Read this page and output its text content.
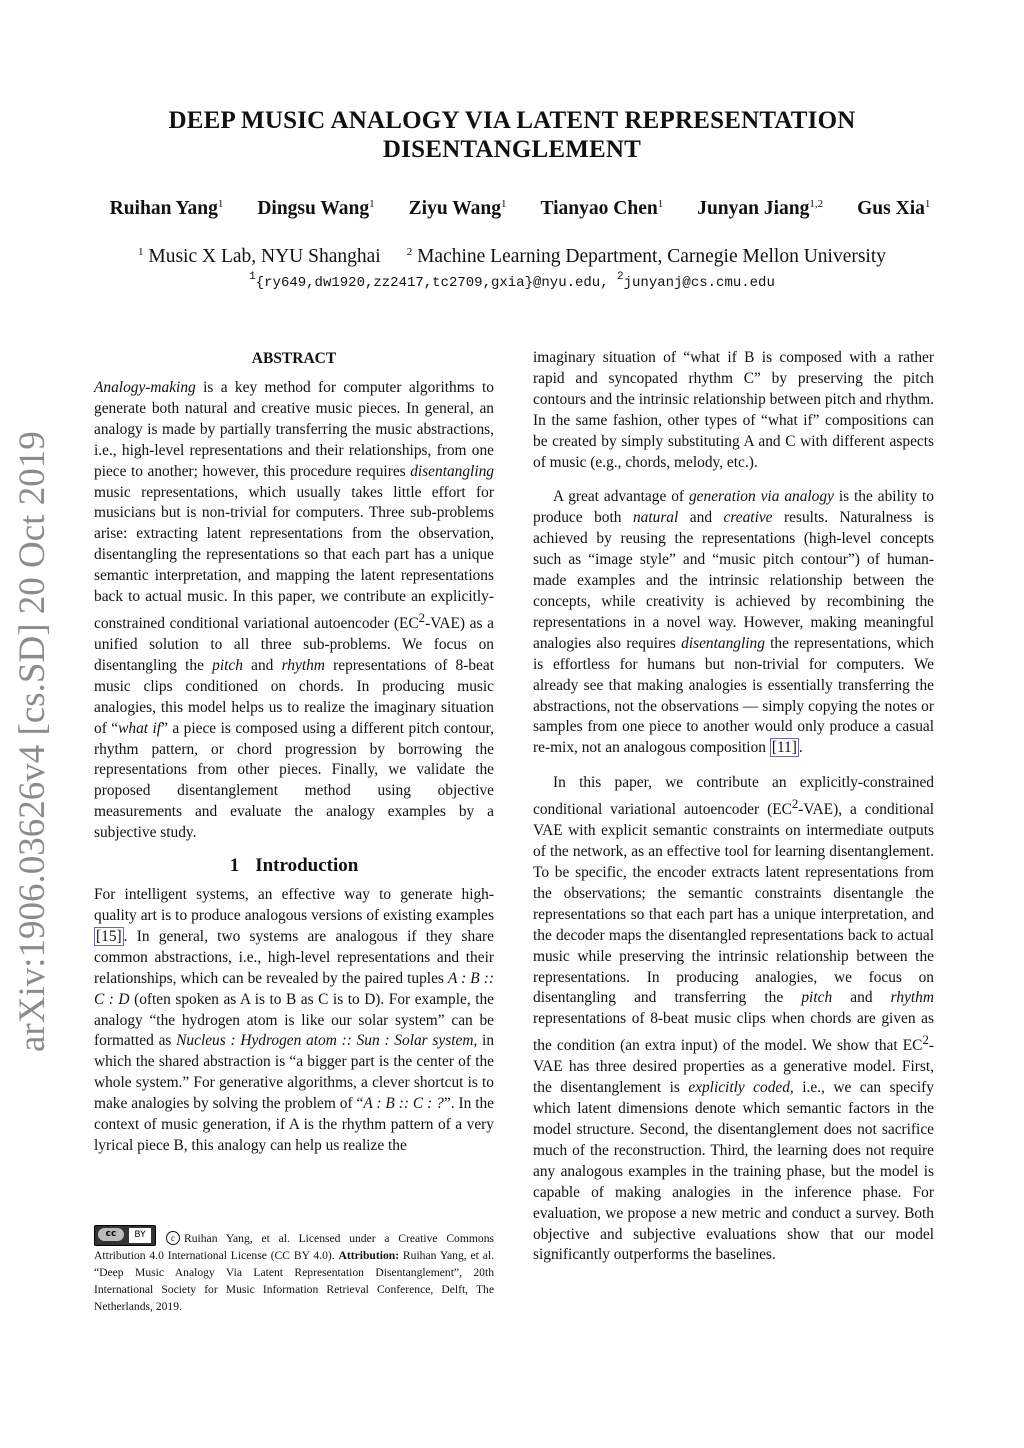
DEEP MUSIC ANALOGY VIA LATENT REPRESENTATION
DISENTANGLEMENT
Ruihan Yang$^1$ Dingsu Wang$^1$ Ziyu Wang$^1$ Tianyao Chen$^1$ Junyan Jiang$^{1,2}$ Gus Xia$^1$
$^1$ Music X Lab, NYU Shanghai $^2$ Machine Learning Department, Carnegie Mellon University
$^1${ry649,dw1920,zz2417,tc2709,gxia}@nyu.edu, $^2$junyanj@cs.cmu.edu
arXiv:1906.03626v4 [cs.SD] 20 Oct 2019
ABSTRACT

Analogy-making is a key method for computer algorithms to generate both natural and creative music pieces. In general, an analogy is made by partially transferring the music abstractions, i.e., high-level representations and their relationships, from one piece to another; however, this procedure requires disentangling music representations, which usually takes little effort for musicians but is non-trivial for computers. Three sub-problems arise: extracting latent representations from the observation, disentangling the representations so that each part has a unique semantic interpretation, and mapping the latent representations back to actual music. In this paper, we contribute an explicitly-constrained conditional variational autoencoder $(EC^2-VAE)$ as a unified solution to all three sub-problems. We focus on disentangling the pitch and rhythm representations of 8-beat music clips conditioned on chords. In producing music analogies, this model helps us to realize the imaginary situation of “what if” a piece is composed using a different pitch contour, rhythm pattern, or chord progression by borrowing the representations from other pieces. Finally, we validate the proposed disentanglement method using objective measurements and evaluate the analogy examples by a subjective study.

1 Introduction

For intelligent systems, an effective way to generate high-quality art is to produce analogous versions of existing examples [15] . In general, two systems are analogous if they share common abstractions, i.e., high-level representations and their relationships, which can be revealed by the paired tuples A : B :: C : D (often spoken as A is to B as C is to D). For example, the analogy “the hydrogen atom is like our solar system” can be formatted as Nucleus : Hydrogen atom :: Sun : Solar system, in which the shared abstraction is “a bigger part is the center of the whole system.” For generative algorithms, a clever shortcut is to make analogies by solving the problem of “A : B :: C : ?”. In the context of music generation, if A is the rhythm pattern of a very lyrical piece B, this analogy can help us realize the

cc	BY	c Ruihan Yang, et al. Licensed under a Creative Commons Attribution 4.0 International License (CC BY 4.0). Attribution: Ruihan Yang, et al. “Deep Music Analogy Via Latent Representation Disentanglement”, 20th International Society for Music Information Retrieval Conference, Delft, The Netherlands, 2019.

imaginary situation of “what if B is composed with a rather rapid and syncopated rhythm C” by preserving the pitch contours and the intrinsic relationship between pitch and rhythm. In the same fashion, other types of “what if” compositions can be created by simply substituting A and C with different aspects of music (e.g., chords, melody, etc.).

A great advantage of generation via analogy is the ability to produce both natural and creative results. Naturalness is achieved by reusing the representations (high-level concepts such as “image style” and “music pitch contour”) of human-made examples and the intrinsic relationship between the concepts, while creativity is achieved by recombining the representations in a novel way. However, making meaningful analogies also requires disentangling the representations, which is effortless for humans but non-trivial for computers. We already see that making analogies is essentially transferring the abstractions, not the observations — simply copying the notes or samples from one piece to another would only produce a casual re-mix, not an analogous composition [11] .

In this paper, we contribute an explicitly-constrained conditional variational autoencoder $(EC^2-VAE)$, a conditional VAE with explicit semantic constraints on intermediate outputs of the network, as an effective tool for learning disentanglement. To be specific, the encoder extracts latent representations from the observations; the semantic constraints disentangle the representations so that each part has a unique interpretation, and the decoder maps the disentangled representations back to actual music while preserving the intrinsic relationship between the representations. In producing analogies, we focus on disentangling and transferring the pitch and rhythm representations of 8-beat music clips when chords are given as the condition (an extra input) of the model. We show that $EC^2$-VAE has three desired properties as a generative model. First, the disentanglement is explicitly coded, i.e., we can specify which latent dimensions denote which semantic factors in the model structure. Second, the disentanglement does not sacrifice much of the reconstruction. Third, the learning does not require any analogous examples in the training phase, but the model is capable of making analogies in the inference phase. For evaluation, we propose a new metric and conduct a survey. Both objective and subjective evaluations show that our model significantly outperforms the baselines.
